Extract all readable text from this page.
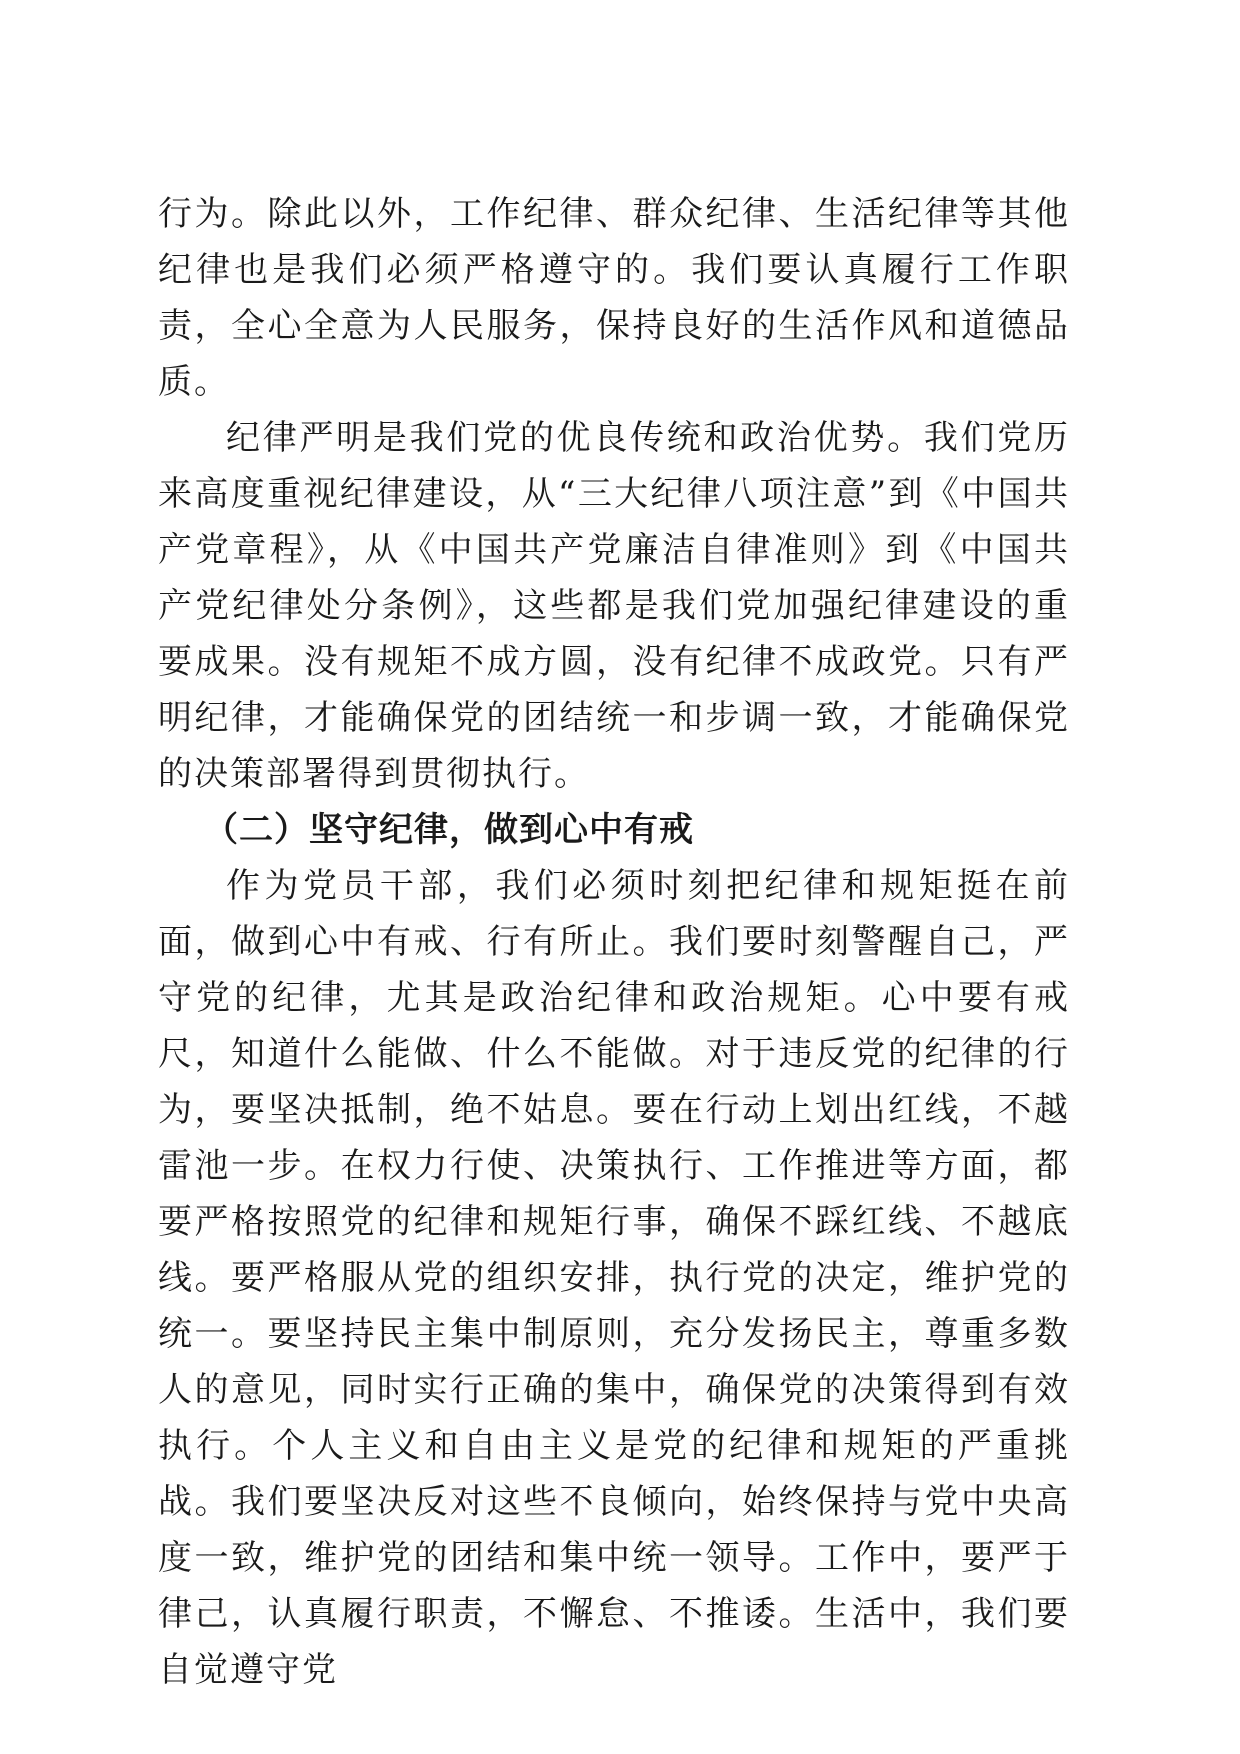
行为。除此以外，工作纪律、群众纪律、生活纪律等其他纪律也是我们必须严格遵守的。我们要认真履行工作职责，全心全意为人民服务，保持良好的生活作风和道德品质。

纪律严明是我们党的优良传统和政治优势。我们党历来高度重视纪律建设，从“三大纪律八项注意”到《中国共产党章程》，从《中国共产党廉洁自律准则》到《中国共产党纪律处分条例》，这些都是我们党加强纪律建设的重要成果。没有规矩不成方圆，没有纪律不成政党。只有严明纪律，才能确保党的团结统一和步调一致，才能确保党的决策部署得到贯彻执行。

（二）坚守纪律，做到心中有戒

作为党员干部，我们必须时刻把纪律和规矩挺在前面，做到心中有戒、行有所止。我们要时刻警醒自己，严守党的纪律，尤其是政治纪律和政治规矩。心中要有戒尺，知道什么能做、什么不能做。对于违反党的纪律的行为，要坚决抵制，绝不姑息。要在行动上划出红线，不越雷池一步。在权力行使、决策执行、工作推进等方面，都要严格按照党的纪律和规矩行事，确保不踩红线、不越底线。要严格服从党的组织安排，执行党的决定，维护党的统一。要坚持民主集中制原则，充分发扬民主，尊重多数人的意见，同时实行正确的集中，确保党的决策得到有效执行。个人主义和自由主义是党的纪律和规矩的严重挑战。我们要坚决反对这些不良倾向，始终保持与党中央高度一致，维护党的团结和集中统一领导。工作中，要严于律己，认真履行职责，不懈怠、不推诿。生活中，我们要自觉遵守党
